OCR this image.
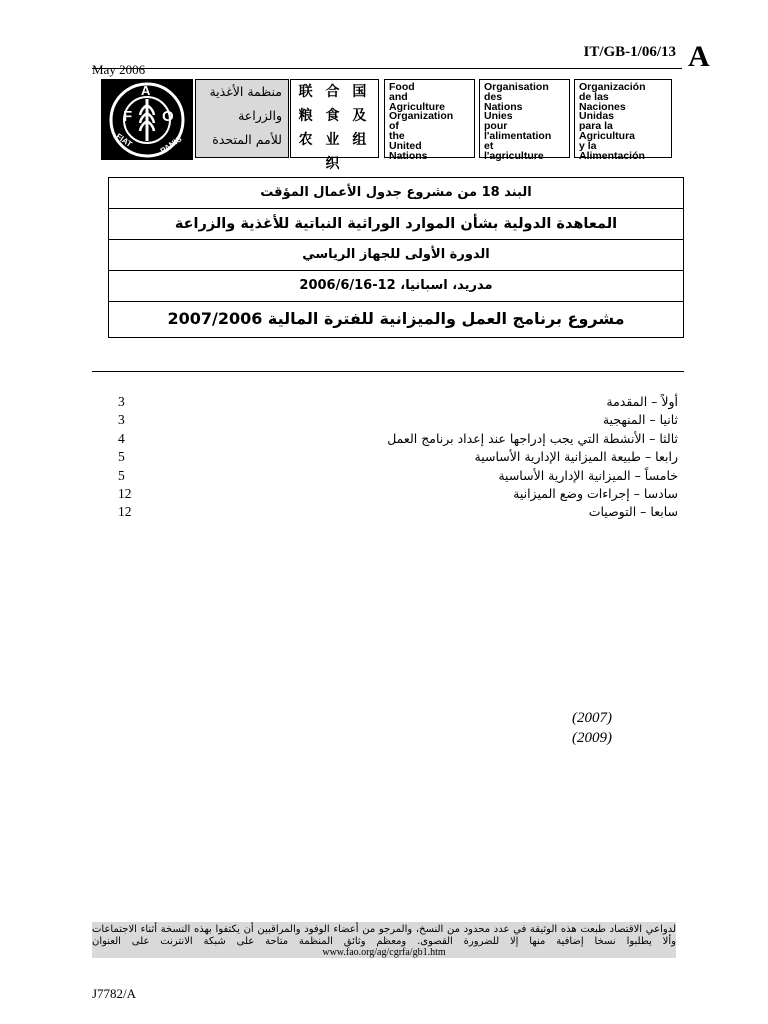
IT/GB-1/06/13 A
May 2006
F
A
O
FIAT	PANIS
منظمة الأغذية
والزراعة
للأمم المتحدة
联 合 国
粮 食 及
农 业 组 织
Food
and
Agriculture
Organization
of
the
United
Nations
Organisation
des
Nations
Unies
pour
l'alimentation
et
l'agriculture
Organización
de las
Naciones
Unidas
para la
Agricultura
y la
Alimentación
البند 18 من مشروع جدول الأعمال المؤقت
المعاهدة الدولية بشأن الموارد الوراثية النباتية للأغذية والزراعة
الدورة الأولى للجهاز الرياسي
مدريد، اسبانيا، 12-2006/6/16
مشروع برنامج العمل والميزانية للفترة المالية 2007/2006
أولاً – المقدمة
3
ثانيا – المنهجية
3
ثالثا – الأنشطة التي يجب إدراجها عند إعداد برنامج العمل
4
رابعا – طبيعة الميزانية الإدارية الأساسية
5
خامساً – الميزانية الإدارية الأساسية
5
سادسا – إجراءات وضع الميزانية
12
سابعا – التوصيات
12
(2007)
(2009)
لدواعي الاقتصاد طبعت هذه الوثيقة في عدد محدود من النسخ، والمرجو من أعضاء الوفود والمراقبين أن يكتفوا بهذه النسخة أثناء الاجتماعات وألا يطلبوا نسخا إضافية منها إلا للضرورة القصوى. ومعظم وثائق المنظمة متاحة على شبكة الانترنت على العنوان www.fao.org/ag/cgrfa/gb1.htm
J7782/A
